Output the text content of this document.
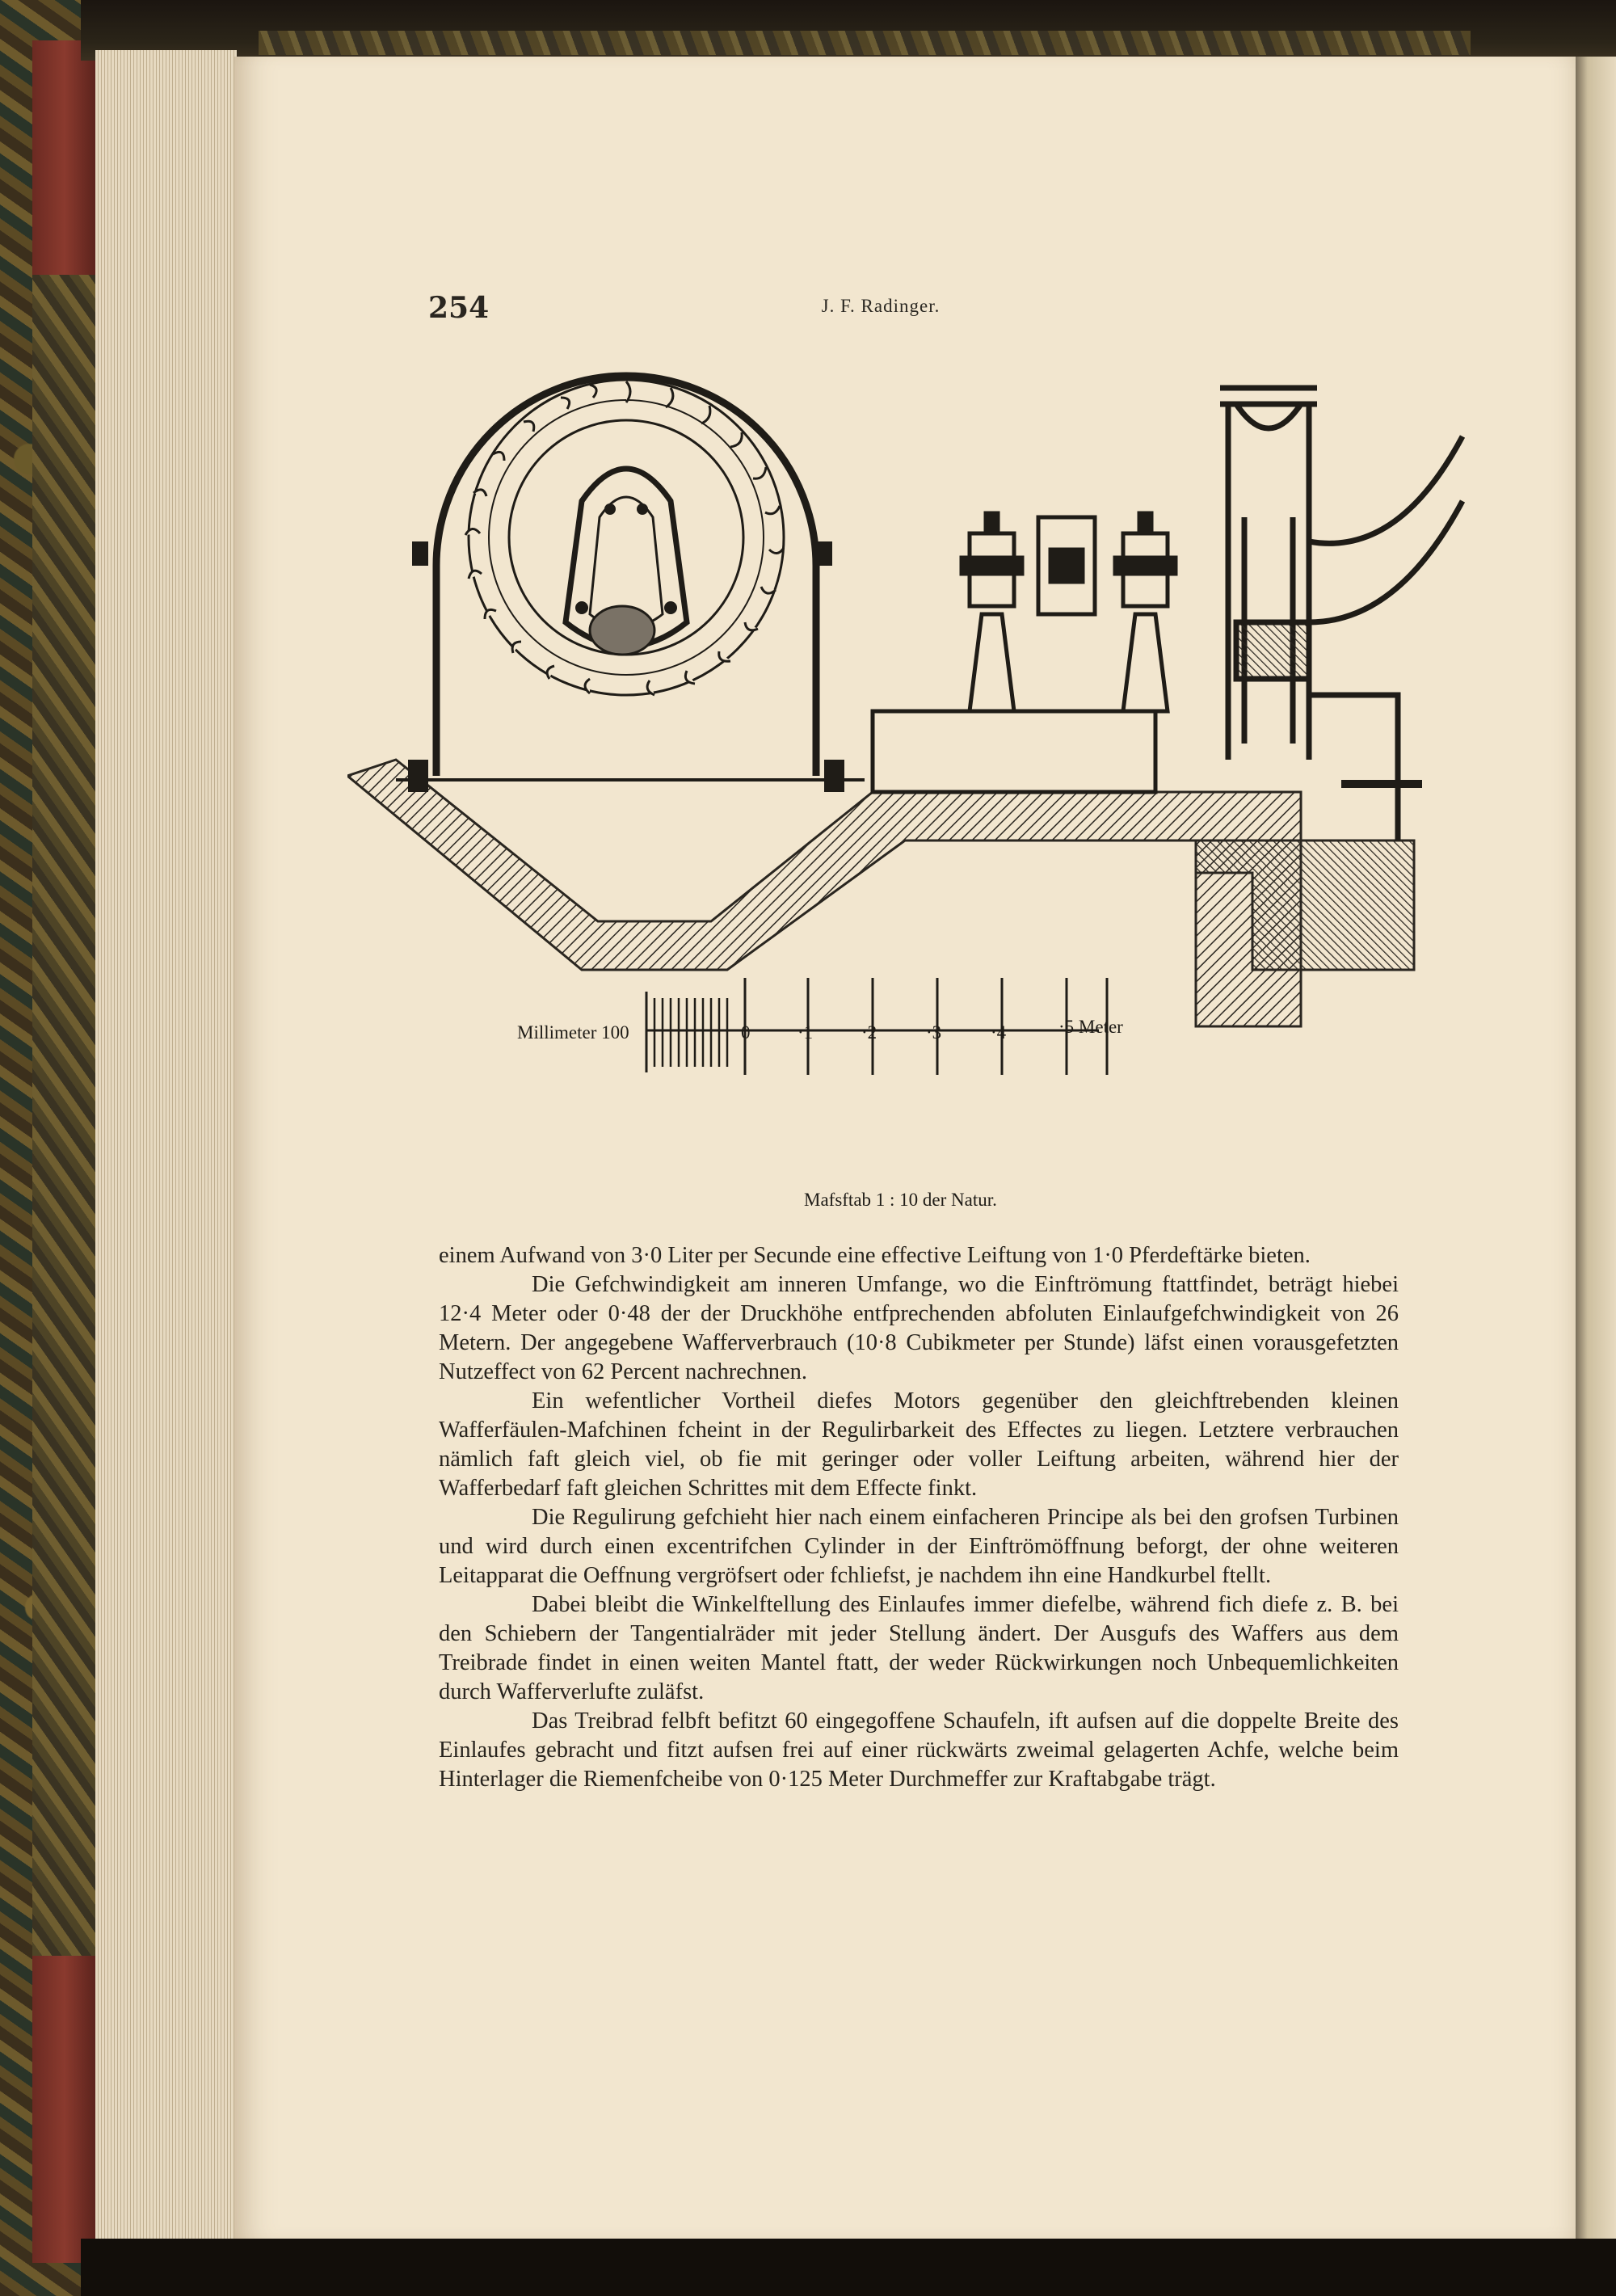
254	J. F. Radinger.
Millimeter 100	0	·1	·2	·3	·4	·5 Meter
Mafsftab 1 : 10 der Natur.

einem Aufwand von 3·0 Liter per Secunde eine effective Leiftung von 1·0 Pferdeftärke bieten.

Die Gefchwindigkeit am inneren Umfange, wo die Einftrömung ftattfindet, beträgt hiebei 12·4 Meter oder 0·48 der der Druckhöhe entfprechenden abfoluten Einlaufgefchwindigkeit von 26 Metern. Der angegebene Wafferverbrauch (10·8 Cubikmeter per Stunde) läfst einen vorausgefetzten Nutzeffect von 62 Percent nachrechnen.

Ein wefentlicher Vortheil diefes Motors gegenüber den gleichftrebenden kleinen Wafferfäulen-Mafchinen fcheint in der Regulirbarkeit des Effectes zu liegen. Letztere verbrauchen nämlich faft gleich viel, ob fie mit geringer oder voller Leiftung arbeiten, während hier der Wafferbedarf faft gleichen Schrittes mit dem Effecte finkt.

Die Regulirung gefchieht hier nach einem einfacheren Principe als bei den grofsen Turbinen und wird durch einen excentrifchen Cylinder in der Einftrömöffnung beforgt, der ohne weiteren Leitapparat die Oeffnung vergröfsert oder fchliefst, je nachdem ihn eine Handkurbel ftellt.

Dabei bleibt die Winkelftellung des Einlaufes immer diefelbe, während fich diefe z. B. bei den Schiebern der Tangentialräder mit jeder Stellung ändert. Der Ausgufs des Waffers aus dem Treibrade findet in einen weiten Mantel ftatt, der weder Rückwirkungen noch Unbequemlichkeiten durch Wafferverlufte zuläfst.

Das Treibrad felbft befitzt 60 eingegoffene Schaufeln, ift aufsen auf die doppelte Breite des Einlaufes gebracht und fitzt aufsen frei auf einer rückwärts zweimal gelagerten Achfe, welche beim Hinterlager die Riemenfcheibe von 0·125 Meter Durchmeffer zur Kraftabgabe trägt.
